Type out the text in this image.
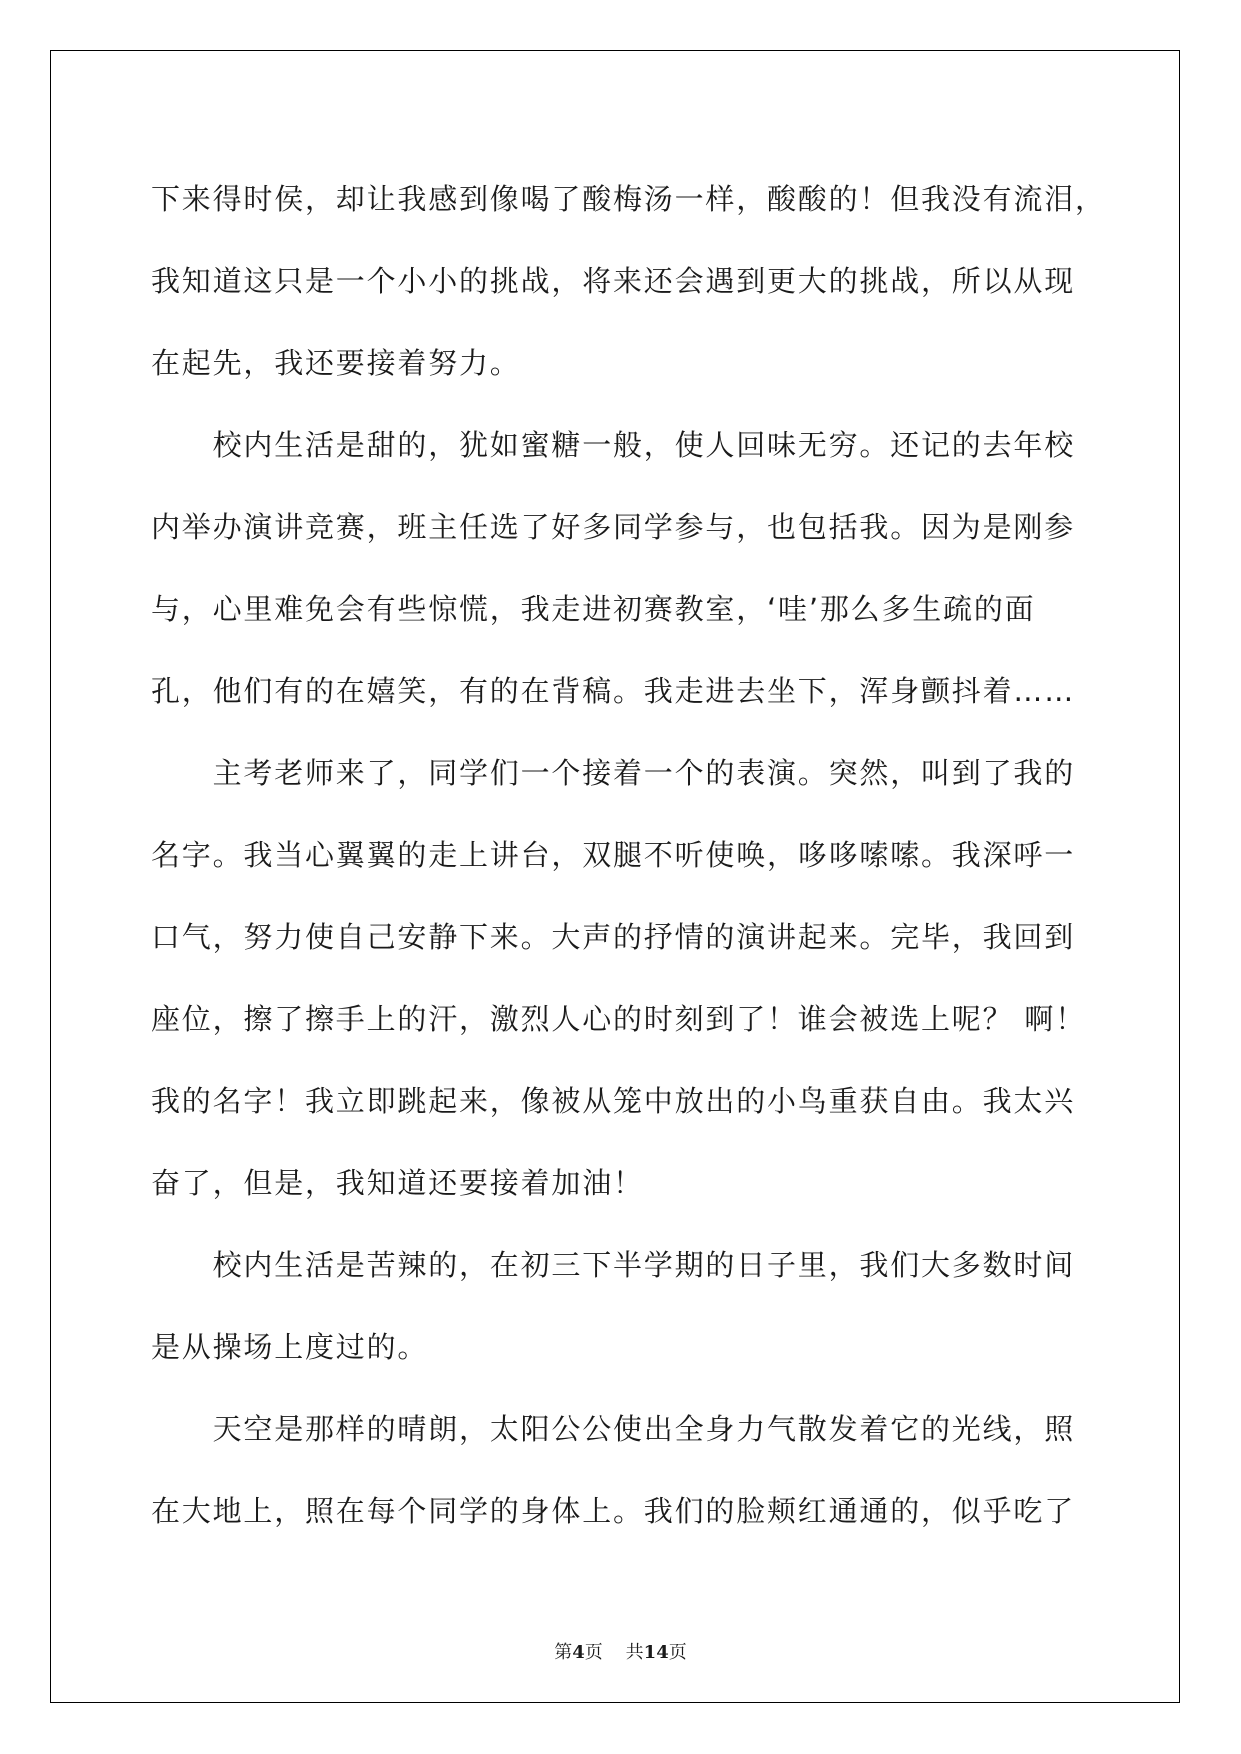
下来得时侯，却让我感到像喝了酸梅汤一样，酸酸的！但我没有流泪，
我知道这只是一个小小的挑战，将来还会遇到更大的挑战，所以从现
在起先，我还要接着努力。
　　校内生活是甜的，犹如蜜糖一般，使人回味无穷。还记的去年校
内举办演讲竞赛，班主任选了好多同学参与，也包括我。因为是刚参
与，心里难免会有些惊慌，我走进初赛教室，‘哇’那么多生疏的面
孔，他们有的在嬉笑，有的在背稿。我走进去坐下，浑身颤抖着……
　　主考老师来了，同学们一个接着一个的表演。突然，叫到了我的
名字。我当心翼翼的走上讲台，双腿不听使唤，哆哆嗦嗦。我深呼一
口气，努力使自己安静下来。大声的抒情的演讲起来。完毕，我回到
座位，擦了擦手上的汗，激烈人心的时刻到了！谁会被选上呢？ 啊！
我的名字！我立即跳起来，像被从笼中放出的小鸟重获自由。我太兴
奋了，但是，我知道还要接着加油！
　　校内生活是苦辣的，在初三下半学期的日子里，我们大多数时间
是从操场上度过的。
　　天空是那样的晴朗，太阳公公使出全身力气散发着它的光线，照
在大地上，照在每个同学的身体上。我们的脸颊红通通的，似乎吃了
第4页 共14页
